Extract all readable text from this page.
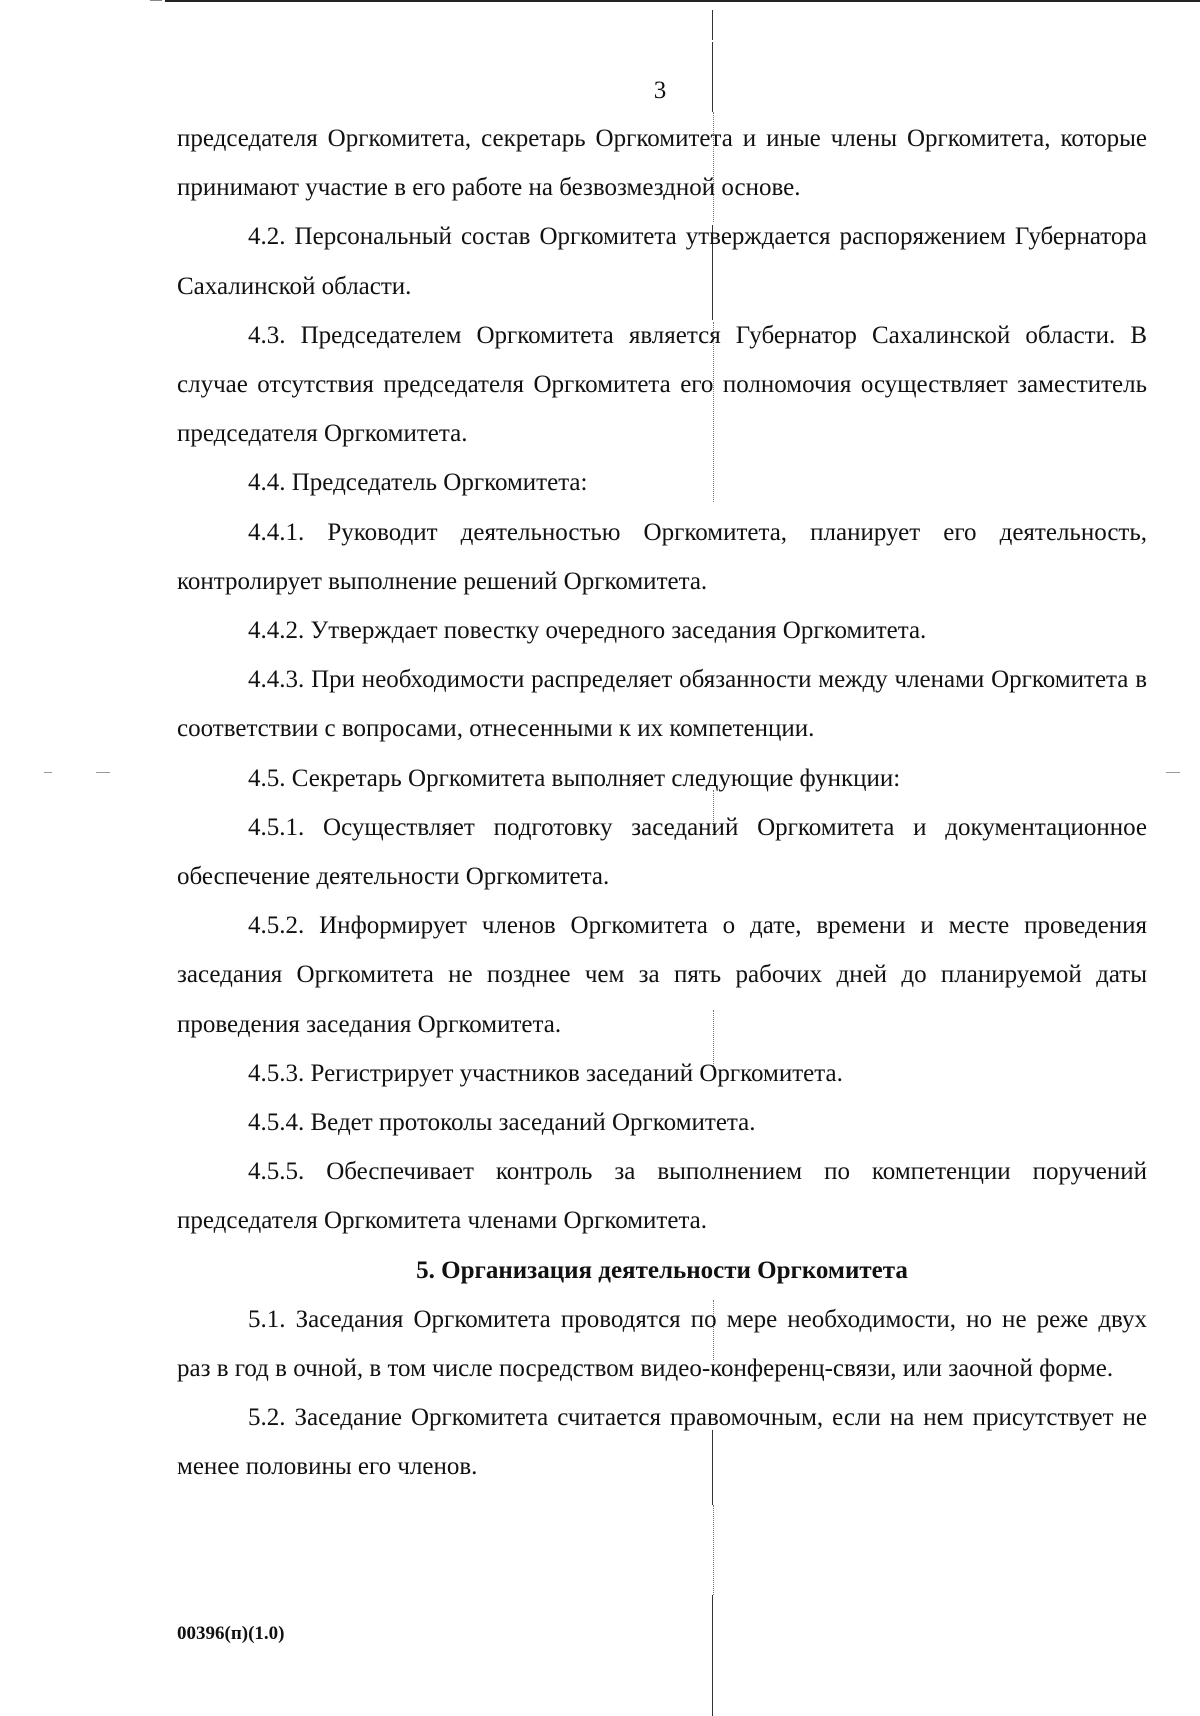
3

председателя Оргкомитета, секретарь Оргкомитета и иные члены Оргкомитета, которые принимают участие в его работе на безвозмездной основе.

4.2. Персональный состав Оргкомитета утверждается распоряжением Губернатора Сахалинской области.

4.3. Председателем Оргкомитета является Губернатор Сахалинской области. В случае отсутствия председателя Оргкомитета его полномочия осуществляет заместитель председателя Оргкомитета.

4.4. Председатель Оргкомитета:

4.4.1. Руководит деятельностью Оргкомитета, планирует его деятельность, контролирует выполнение решений Оргкомитета.

4.4.2. Утверждает повестку очередного заседания Оргкомитета.

4.4.3. При необходимости распределяет обязанности между членами Оргкомитета в соответствии с вопросами, отнесенными к их компетенции.

4.5. Секретарь Оргкомитета выполняет следующие функции:

4.5.1. Осуществляет подготовку заседаний Оргкомитета и документационное обеспечение деятельности Оргкомитета.

4.5.2. Информирует членов Оргкомитета о дате, времени и месте проведения заседания Оргкомитета не позднее чем за пять рабочих дней до планируемой даты проведения заседания Оргкомитета.

4.5.3. Регистрирует участников заседаний Оргкомитета.

4.5.4. Ведет протоколы заседаний Оргкомитета.

4.5.5. Обеспечивает контроль за выполнением по компетенции поручений председателя Оргкомитета членами Оргкомитета.

5. Организация деятельности Оргкомитета

5.1. Заседания Оргкомитета проводятся по мере необходимости, но не реже двух раз в год в очной, в том числе посредством видео-конференц-связи, или заочной форме.

5.2. Заседание Оргкомитета считается правомочным, если на нем присутствует не менее половины его членов.

00396(п)(1.0)
